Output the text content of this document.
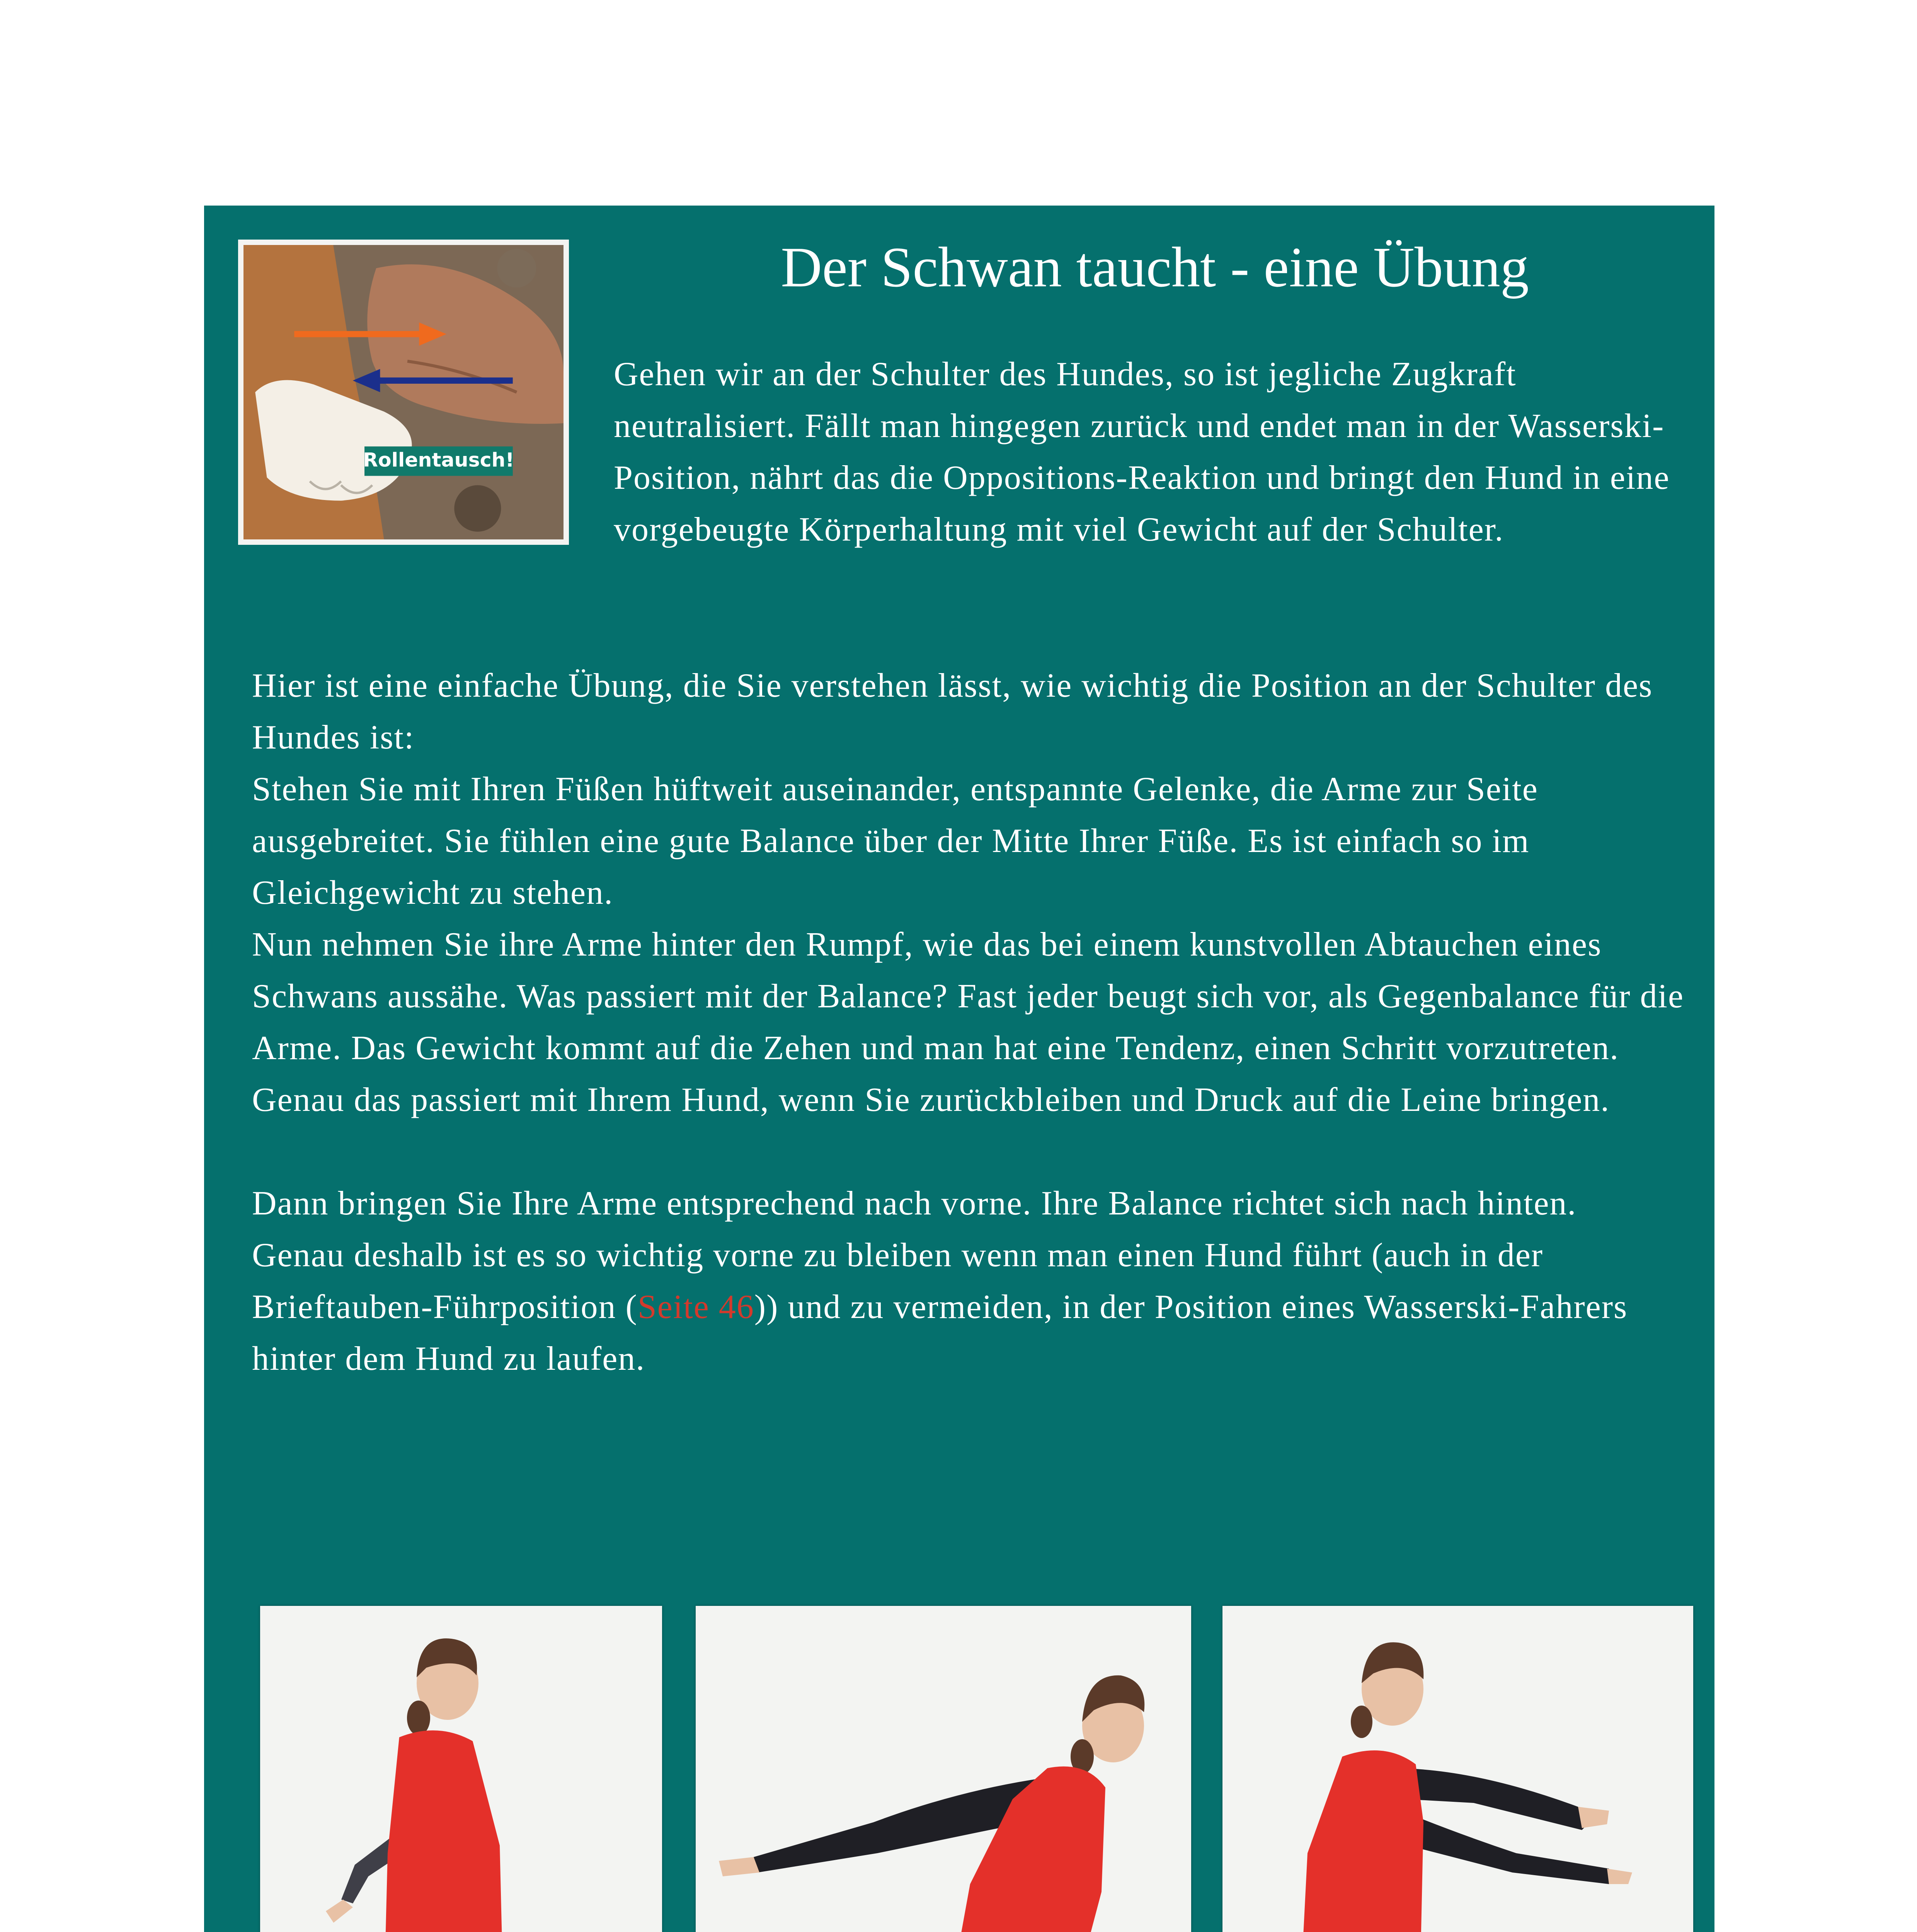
Rollentausch!
Der Schwan taucht - eine Übung

Gehen wir an der Schulter des Hundes, so ist jegliche Zugkraft neutralisiert. Fällt man hingegen zurück und endet man in der Wasserski-Position, nährt das die Oppositions-Reaktion und bringt den Hund in eine vorgebeugte Körperhaltung mit viel Gewicht auf der Schulter.

Hier ist eine einfache Übung, die Sie verstehen lässt, wie wichtig die Position an der Schulter des Hundes ist:

Stehen Sie mit Ihren Füßen hüftweit auseinander, entspannte Gelenke, die Arme zur Seite ausgebreitet. Sie fühlen eine gute Balance über der Mitte Ihrer Füße. Es ist einfach so im Gleichgewicht zu stehen.

Nun nehmen Sie ihre Arme hinter den Rumpf, wie das bei einem kunstvollen Abtauchen eines Schwans aussähe. Was passiert mit der Balance? Fast jeder beugt sich vor, als Gegenbalance für die Arme. Das Gewicht kommt auf die Zehen und man hat eine Tendenz, einen Schritt vorzutreten. Genau das passiert mit Ihrem Hund, wenn Sie zurückbleiben und Druck auf die Leine bringen.

Dann bringen Sie Ihre Arme entsprechend nach vorne. Ihre Balance richtet sich nach hinten.

Genau deshalb ist es so wichtig vorne zu bleiben wenn man einen Hund führt (auch in der Brieftauben-Führposition (Seite 46)) und zu vermeiden, in der Position eines Wasserski-Fahrers hinter dem Hund zu laufen.
